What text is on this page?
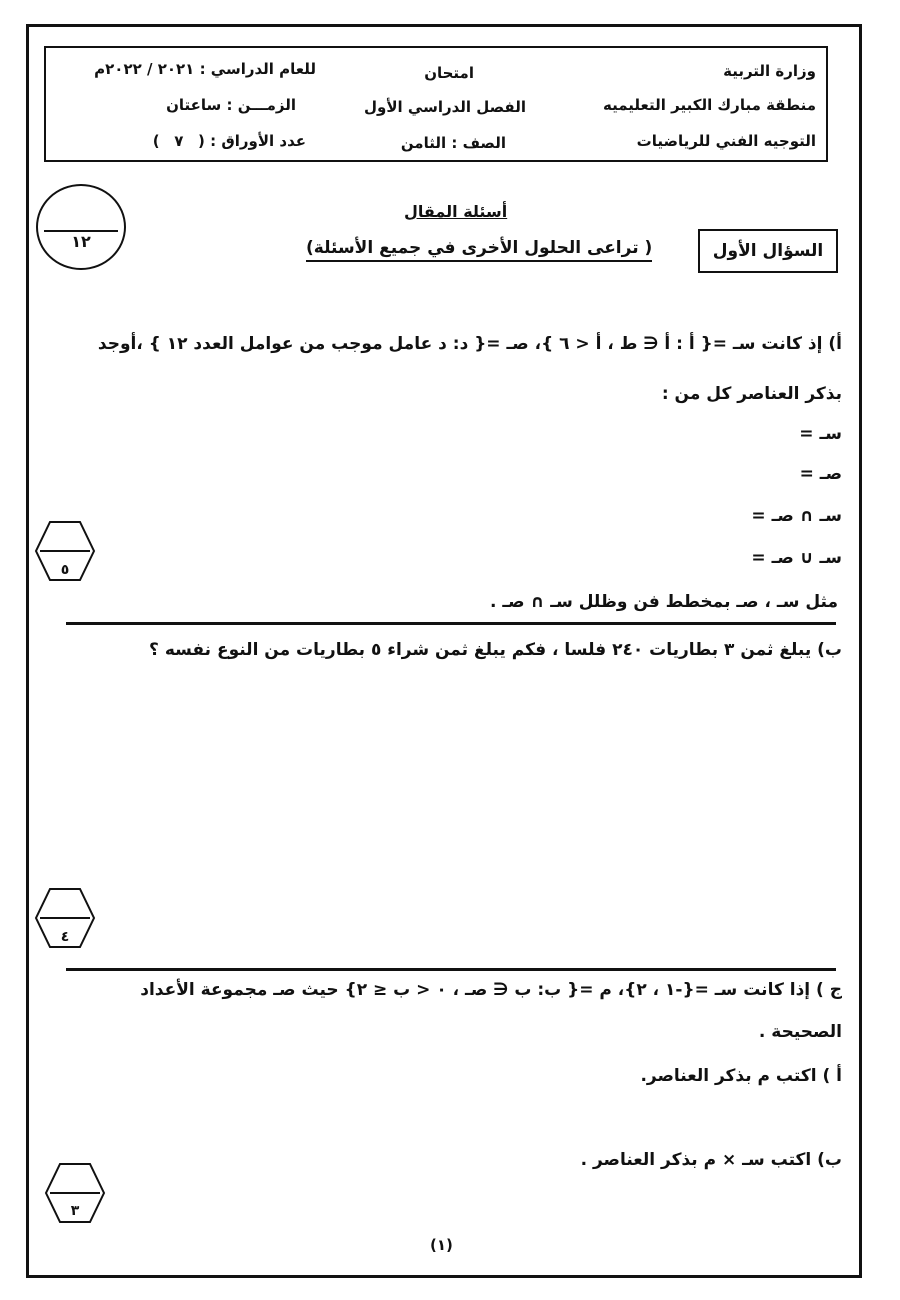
وزارة التربية
منطقة مبارك الكبير التعليميه
التوجيه الفني للرياضيات
امتحان
الفصل الدراسي الأول
الصف : الثامن
للعام الدراسي : ٢٠٢١ / ٢٠٢٢م
الزمـــن : ساعتان
عدد الأوراق : ( ٧ )
أسئلة المقال
( تراعى الحلول الأخرى في جميع الأسئلة)	السؤال الأول
١٢
أ) إذ كانت سـ ={ أ : أ ∈ ط ، أ < ٦ }، صـ ={ د: د عامل موجب من عوامل العدد ١٢ } ،أوجد
بذكر العناصر كل من :
سـ =
صـ =
سـ ∩ صـ =
سـ ∪ صـ =
مثل سـ ، صـ بمخطط فن وظلل سـ ∩ صـ .
٥
ب) يبلغ ثمن ٣ بطاريات ٢٤٠ فلسا ، فكم يبلغ ثمن شراء ٥ بطاريات من النوع نفسه ؟
٤
ج ) إذا كانت سـ ={-١ ، ٢}، م ={ ب: ب ∈ صـ ، ٠ < ب ≤ ٢} حيث صـ مجموعة الأعداد
الصحيحة .
أ ) اكتب م بذكر العناصر.
ب) اكتب سـ × م بذكر العناصر .
٣
(١)
